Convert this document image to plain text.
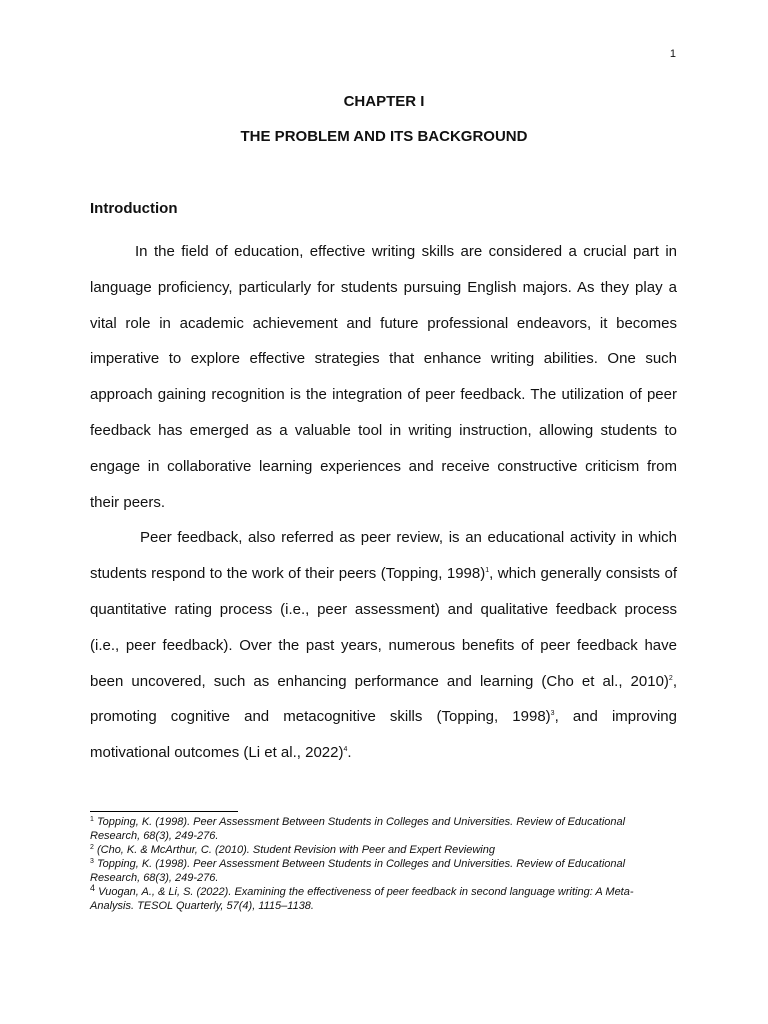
1
CHAPTER I
THE PROBLEM AND ITS BACKGROUND
Introduction

In the field of education, effective writing skills are considered a crucial part in language proficiency, particularly for students pursuing English majors. As they play a vital role in academic achievement and future professional endeavors, it becomes imperative to explore effective strategies that enhance writing abilities. One such approach gaining recognition is the integration of peer feedback. The utilization of peer feedback has emerged as a valuable tool in writing instruction, allowing students to engage in collaborative learning experiences and receive constructive criticism from their peers.

Peer feedback, also referred as peer review, is an educational activity in which students respond to the work of their peers (Topping, 1998)$^1$, which generally consists of quantitative rating process (i.e., peer assessment) and qualitative feedback process (i.e., peer feedback). Over the past years, numerous benefits of peer feedback have been uncovered, such as enhancing performance and learning (Cho et al., 2010)$^2$, promoting cognitive and metacognitive skills (Topping, 1998)$^3$, and improving motivational outcomes (Li et al., 2022)$^4$.

$^1$ Topping, K. (1998). Peer Assessment Between Students in Colleges and Universities. Review of Educational Research, 68(3), 249-276.

$^2$ (Cho, K. & McArthur, C. (2010). Student Revision with Peer and Expert Reviewing

$^3$ Topping, K. (1998). Peer Assessment Between Students in Colleges and Universities. Review of Educational Research, 68(3), 249-276.

$^4$ Vuogan, A., & Li, S. (2022). Examining the effectiveness of peer feedback in second language writing: A Meta-Analysis. TESOL Quarterly, 57(4), 1115–1138.
